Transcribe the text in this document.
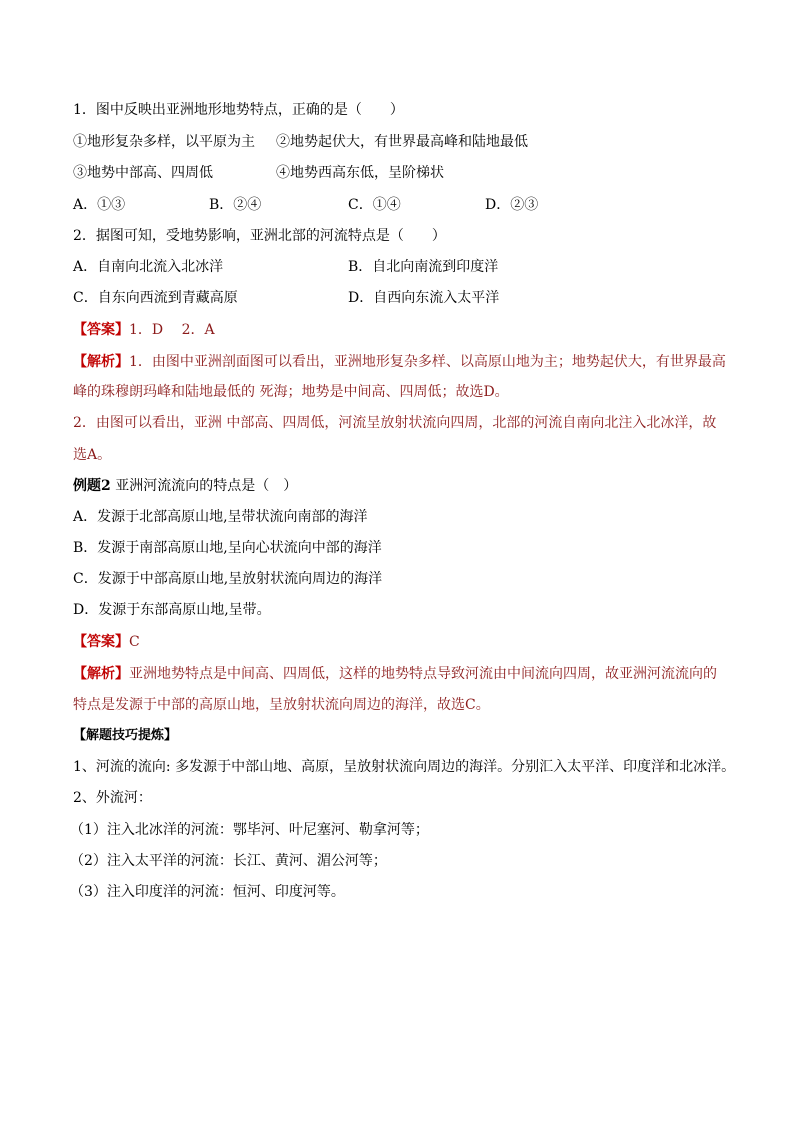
1．图中反映出亚洲地形地势特点，正确的是（　　）
①地形复杂多样，以平原为主 ②地势起伏大，有世界最高峰和陆地最低
③地势中部高、四周低	④地势西高东低，呈阶梯状
A．①③	B．②④	C．①④	D．②③
2．据图可知，受地势影响，亚洲北部的河流特点是（　　）
A．自南向北流入北冰洋	B．自北向南流到印度洋
C．自东向西流到青藏高原	D．自西向东流入太平洋
【答案】1．D　 2．A
【解析】1．由图中亚洲剖面图可以看出，亚洲地形复杂多样、以高原山地为主；地势起伏大，有世界最高
峰的珠穆朗玛峰和陆地最低的 死海；地势是中间高、四周低；故选D。
2．由图可以看出，亚洲 中部高、四周低，河流呈放射状流向四周，北部的河流自南向北注入北冰洋，故
选A。
例题2 亚洲河流流向的特点是（　）
A．发源于北部高原山地,呈带状流向南部的海洋
B．发源于南部高原山地,呈向心状流向中部的海洋
C．发源于中部高原山地,呈放射状流向周边的海洋
D．发源于东部高原山地,呈带。
【答案】C
【解析】亚洲地势特点是中间高、四周低，这样的地势特点导致河流由中间流向四周，故亚洲河流流向的
特点是发源于中部的高原山地，呈放射状流向周边的海洋，故选C。
【解题技巧提炼】
1、河流的流向: 多发源于中部山地、高原，呈放射状流向周边的海洋。分别汇入太平洋、印度洋和北冰洋。
2、外流河：
（1）注入北冰洋的河流：鄂毕河、叶尼塞河、勒拿河等；
（2）注入太平洋的河流：长江、黄河、湄公河等；
（3）注入印度洋的河流：恒河、印度河等。
